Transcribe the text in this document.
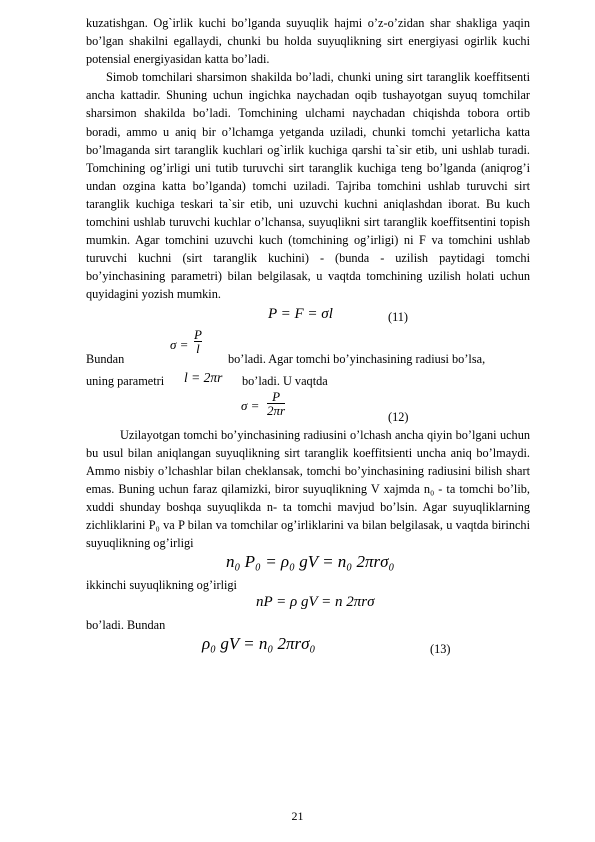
kuzatishgan. Og`irlik kuchi bo’lganda suyuqlik hajmi o’z-o’zidan shar shakliga yaqin bo’lgan shakilni egallaydi, chunki bu holda suyuqlikning sirt energiyasi ogirlik kuchi potensial energiyasidan katta bo’ladi.

Simob tomchilari sharsimon shakilda bo’ladi, chunki uning sirt taranglik koeffitsenti ancha kattadir. Shuning uchun ingichka naychadan oqib tushayotgan suyuq tomchilar sharsimon shakilda bo’ladi. Tomchining ulchami naychadan chiqishda tobora ortib boradi, ammo u aniq bir o’lchamga yetganda uziladi, chunki tomchi yetarlicha katta bo’lmaganda sirt taranglik kuchlari og`irlik kuchiga qarshi ta`sir etib, uni ushlab turadi. Tomchining og’irligi uni tutib turuvchi sirt taranglik kuchiga teng bo’lganda (aniqrog’i undan ozgina katta bo’lganda) tomchi uziladi. Tajriba tomchini ushlab turuvchi sirt taranglik kuchiga teskari ta`sir etib, uni uzuvchi kuchni aniqlashdan iborat. Bu kuch tomchini ushlab turuvchi kuchlar o’lchansa, suyuqlikni sirt taranglik koeffitsentini topish mumkin. Agar tomchini uzuvchi kuch (tomchining og’irligi) ni F va tomchini ushlab turuvchi kuchni (sirt taranglik kuchini) - (bunda - uzilish paytidagi tomchi bo’yinchasining parametri) bilan belgilasak, u vaqtda tomchining uzilish holati uchun quyidagini yozish mumkin.

P = F = σl	(11)
Bundan
$\sigma = \frac{P}{l}$
bo’ladi. Agar tomchi bo’yinchasining radiusi bo’lsa,
uning parametri l = 2πr bo’ladi. U vaqtda
$\sigma = \frac{P}{2\pi r}$	(12)

Uzilayotgan tomchi bo’yinchasining radiusini o’lchash ancha qiyin bo’lgani uchun bu usul bilan aniqlangan suyuqlikning sirt taranglik koeffitsienti uncha aniq bo’lmaydi. Ammo nisbiy o’lchashlar bilan cheklansak, tomchi bo’yinchasining radiusini bilish shart emas. Buning uchun faraz qilamizki, biror suyuqlikning V xajmda n₀ - ta tomchi bo’lib, xuddi shunday boshqa suyuqlikda n- ta tomchi mavjud bo’lsin. Agar suyuqliklarning zichliklarini P₀ va P bilan va tomchilar og’irliklarini va bilan belgilasak, u vaqtda birinchi suyuqlikning og’irligi

n₀ P₀ = ρ₀ gV = n₀ 2πrσ₀

ikkinchi suyuqlikning og’irligi

nP = ρ gV = n 2πrσ

bo’ladi. Bundan

ρ₀ gV = n₀ 2πrσ₀	(13)
21
